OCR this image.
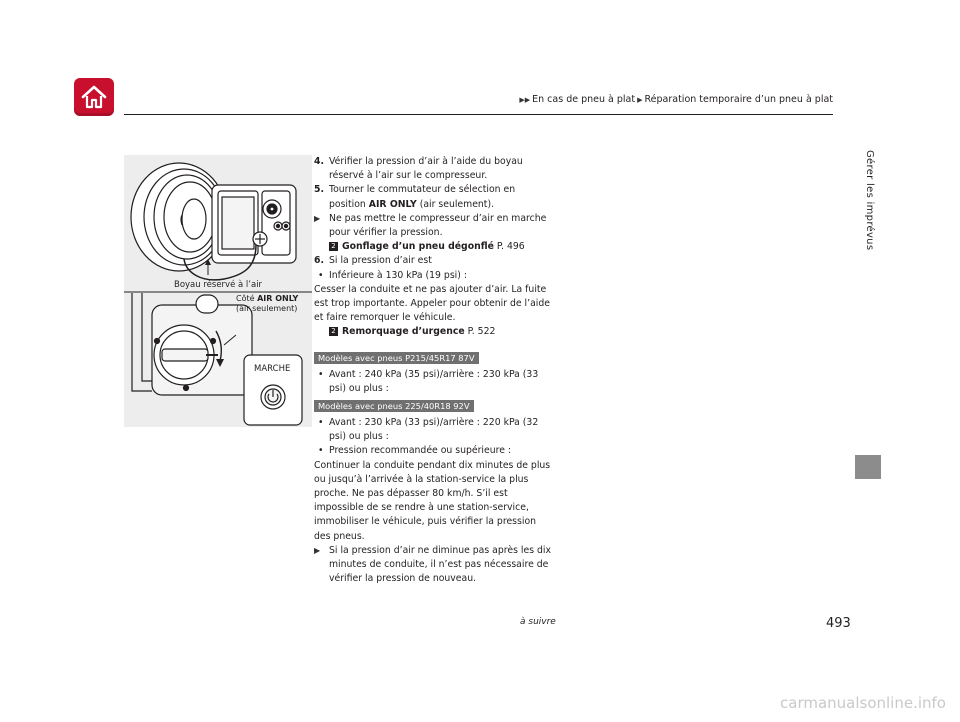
▶▶ En cas de pneu à plat ▶ Réparation temporaire d’un pneu à plat
Gérer les imprévus
Boyau réservé à l’air
Côté AIR ONLY
(air seulement)
MARCHE
4. Vérifier la pression d’air à l’aide du boyau réservé à l’air sur le compresseur.
5. Tourner le commutateur de sélection en position AIR ONLY (air seulement).
▶ Ne pas mettre le compresseur d’air en marche pour vérifier la pression.
2 Gonflage d’un pneu dégonflé P. 496
6. Si la pression d’air est
• Inférieure à 130 kPa (19 psi) :
Cesser la conduite et ne pas ajouter d’air. La fuite est trop importante. Appeler pour obtenir de l’aide et faire remorquer le véhicule.
2 Remorquage d’urgence P. 522
Modèles avec pneus P215/45R17 87V
• Avant : 240 kPa (35 psi)/arrière : 230 kPa (33 psi) ou plus :
Modèles avec pneus 225/40R18 92V
• Avant : 230 kPa (33 psi)/arrière : 220 kPa (32 psi) ou plus :
• Pression recommandée ou supérieure :
Continuer la conduite pendant dix minutes de plus ou jusqu’à l’arrivée à la station-service la plus proche. Ne pas dépasser 80 km/h. S’il est impossible de se rendre à une station-service, immobiliser le véhicule, puis vérifier la pression des pneus.
▶ Si la pression d’air ne diminue pas après les dix minutes de conduite, il n’est pas nécessaire de vérifier la pression de nouveau.
à suivre	493
carmanualsonline.info
